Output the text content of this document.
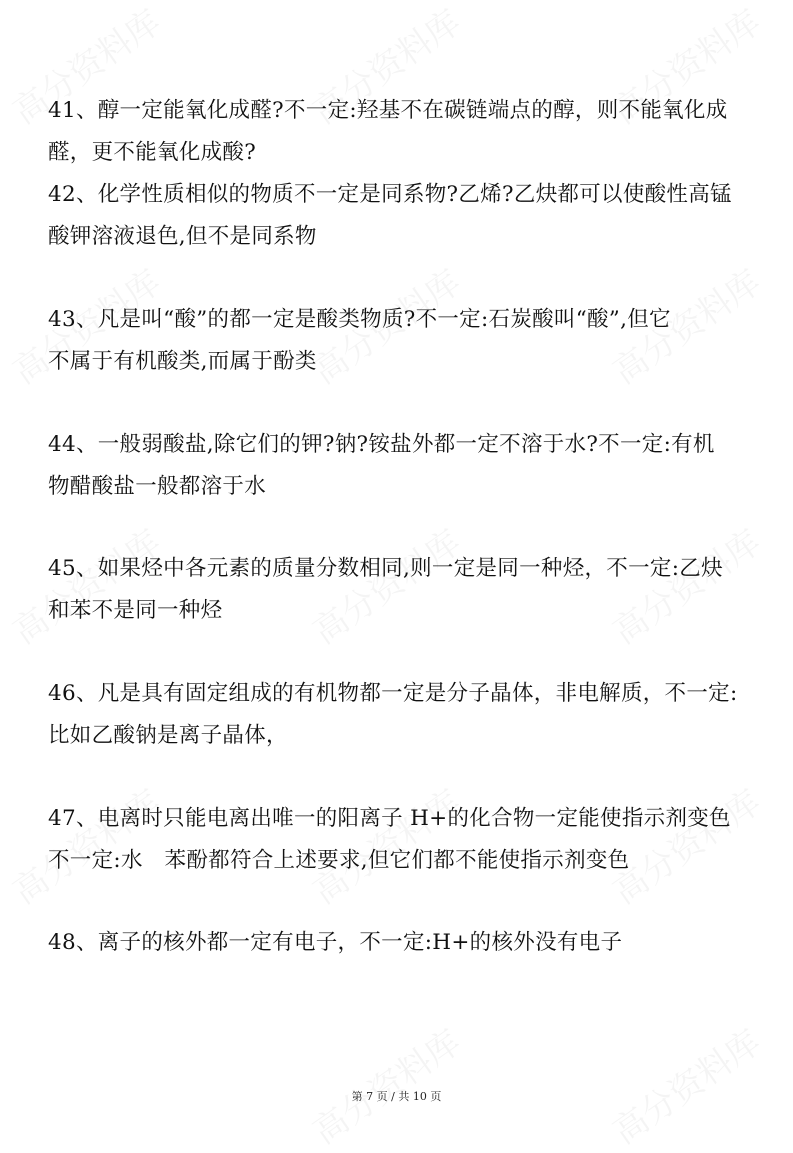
41、醇一定能氧化成醛?不一定:羟基不在碳链端点的醇，则不能氧化成
醛，更不能氧化成酸?
42、化学性质相似的物质不一定是同系物?乙烯?乙炔都可以使酸性高锰
酸钾溶液退色,但不是同系物
43、凡是叫“酸”的都一定是酸类物质?不一定:石炭酸叫“酸”,但它
不属于有机酸类,而属于酚类
44、一般弱酸盐,除它们的钾?钠?铵盐外都一定不溶于水?不一定:有机
物醋酸盐一般都溶于水
45、如果烃中各元素的质量分数相同,则一定是同一种烃，不一定:乙炔
和苯不是同一种烃
46、凡是具有固定组成的有机物都一定是分子晶体，非电解质，不一定:
比如乙酸钠是离子晶体，
47、电离时只能电离出唯一的阳离子 H+的化合物一定能使指示剂变色
不一定:水　苯酚都符合上述要求,但它们都不能使指示剂变色
48、离子的核外都一定有电子，不一定:H+的核外没有电子
第 7 页 / 共 10 页
